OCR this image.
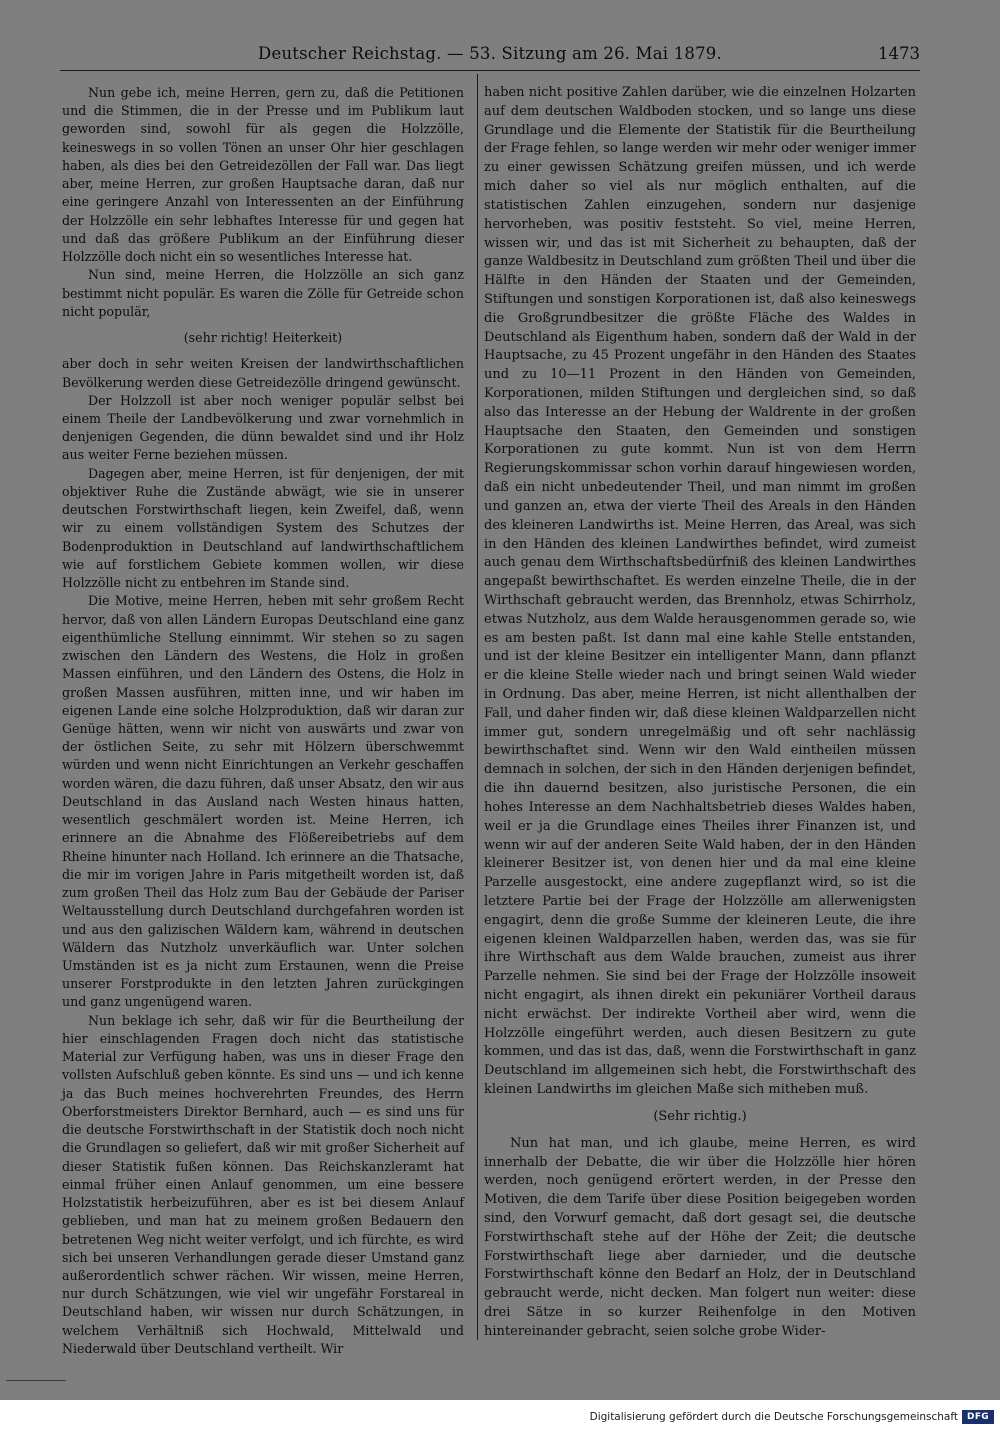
Deutscher Reichstag. — 53. Sitzung am 26. Mai 1879.	1473

Nun gebe ich, meine Herren, gern zu, daß die Petitionen und die Stimmen, die in der Presse und im Publikum laut geworden sind, sowohl für als gegen die Holzzölle, keineswegs in so vollen Tönen an unser Ohr hier geschlagen haben, als dies bei den Getreidezöllen der Fall war. Das liegt aber, meine Herren, zur großen Hauptsache daran, daß nur eine geringere Anzahl von Interessenten an der Einführung der Holzzölle ein sehr lebhaftes Interesse für und gegen hat und daß das größere Publikum an der Einführung dieser Holzzölle doch nicht ein so wesentliches Interesse hat.

Nun sind, meine Herren, die Holzzölle an sich ganz bestimmt nicht populär. Es waren die Zölle für Getreide schon nicht populär,

(sehr richtig! Heiterkeit)

aber doch in sehr weiten Kreisen der landwirthschaftlichen Bevölkerung werden diese Getreidezölle dringend gewünscht.

Der Holzzoll ist aber noch weniger populär selbst bei einem Theile der Landbevölkerung und zwar vornehmlich in denjenigen Gegenden, die dünn bewaldet sind und ihr Holz aus weiter Ferne beziehen müssen.

Dagegen aber, meine Herren, ist für denjenigen, der mit objektiver Ruhe die Zustände abwägt, wie sie in unserer deutschen Forstwirthschaft liegen, kein Zweifel, daß, wenn wir zu einem vollständigen System des Schutzes der Bodenproduktion in Deutschland auf landwirthschaftlichem wie auf forstlichem Gebiete kommen wollen, wir diese Holzzölle nicht zu entbehren im Stande sind.

Die Motive, meine Herren, heben mit sehr großem Recht hervor, daß von allen Ländern Europas Deutschland eine ganz eigenthümliche Stellung einnimmt. Wir stehen so zu sagen zwischen den Ländern des Westens, die Holz in großen Massen einführen, und den Ländern des Ostens, die Holz in großen Massen ausführen, mitten inne, und wir haben im eigenen Lande eine solche Holzproduktion, daß wir daran zur Genüge hätten, wenn wir nicht von auswärts und zwar von der östlichen Seite, zu sehr mit Hölzern überschwemmt würden und wenn nicht Einrichtungen an Verkehr geschaffen worden wären, die dazu führen, daß unser Absatz, den wir aus Deutschland in das Ausland nach Westen hinaus hatten, wesentlich geschmälert worden ist. Meine Herren, ich erinnere an die Abnahme des Flößereibetriebs auf dem Rheine hinunter nach Holland. Ich erinnere an die Thatsache, die mir im vorigen Jahre in Paris mitgetheilt worden ist, daß zum großen Theil das Holz zum Bau der Gebäude der Pariser Weltausstellung durch Deutschland durchgefahren worden ist und aus den galizischen Wäldern kam, während in deutschen Wäldern das Nutzholz unverkäuflich war. Unter solchen Umständen ist es ja nicht zum Erstaunen, wenn die Preise unserer Forstprodukte in den letzten Jahren zurückgingen und ganz ungenügend waren.

Nun beklage ich sehr, daß wir für die Beurtheilung der hier einschlagenden Fragen doch nicht das statistische Material zur Verfügung haben, was uns in dieser Frage den vollsten Aufschluß geben könnte. Es sind uns — und ich kenne ja das Buch meines hochverehrten Freundes, des Herrn Oberforstmeisters Direktor Bernhard, auch — es sind uns für die deutsche Forstwirthschaft in der Statistik doch noch nicht die Grundlagen so geliefert, daß wir mit großer Sicherheit auf dieser Statistik fußen können. Das Reichskanzleramt hat einmal früher einen Anlauf genommen, um eine bessere Holzstatistik herbeizuführen, aber es ist bei diesem Anlauf geblieben, und man hat zu meinem großen Bedauern den betretenen Weg nicht weiter verfolgt, und ich fürchte, es wird sich bei unseren Verhandlungen gerade dieser Umstand ganz außerordentlich schwer rächen. Wir wissen, meine Herren, nur durch Schätzungen, wie viel wir ungefähr Forstareal in Deutschland haben, wir wissen nur durch Schätzungen, in welchem Verhältniß sich Hochwald, Mittelwald und Niederwald über Deutschland vertheilt. Wir

haben nicht positive Zahlen darüber, wie die einzelnen Holzarten auf dem deutschen Waldboden stocken, und so lange uns diese Grundlage und die Elemente der Statistik für die Beurtheilung der Frage fehlen, so lange werden wir mehr oder weniger immer zu einer gewissen Schätzung greifen müssen, und ich werde mich daher so viel als nur möglich enthalten, auf die statistischen Zahlen einzugehen, sondern nur dasjenige hervorheben, was positiv feststeht. So viel, meine Herren, wissen wir, und das ist mit Sicherheit zu behaupten, daß der ganze Waldbesitz in Deutschland zum größten Theil und über die Hälfte in den Händen der Staaten und der Gemeinden, Stiftungen und sonstigen Korporationen ist, daß also keineswegs die Großgrundbesitzer die größte Fläche des Waldes in Deutschland als Eigenthum haben, sondern daß der Wald in der Hauptsache, zu 45 Prozent ungefähr in den Händen des Staates und zu 10—11 Prozent in den Händen von Gemeinden, Korporationen, milden Stiftungen und dergleichen sind, so daß also das Interesse an der Hebung der Waldrente in der großen Hauptsache den Staaten, den Gemeinden und sonstigen Korporationen zu gute kommt. Nun ist von dem Herrn Regierungskommissar schon vorhin darauf hingewiesen worden, daß ein nicht unbedeutender Theil, und man nimmt im großen und ganzen an, etwa der vierte Theil des Areals in den Händen des kleineren Landwirths ist. Meine Herren, das Areal, was sich in den Händen des kleinen Landwirthes befindet, wird zumeist auch genau dem Wirthschaftsbedürfniß des kleinen Landwirthes angepaßt bewirthschaftet. Es werden einzelne Theile, die in der Wirthschaft gebraucht werden, das Brennholz, etwas Schirrholz, etwas Nutzholz, aus dem Walde herausgenommen gerade so, wie es am besten paßt. Ist dann mal eine kahle Stelle entstanden, und ist der kleine Besitzer ein intelligenter Mann, dann pflanzt er die kleine Stelle wieder nach und bringt seinen Wald wieder in Ordnung. Das aber, meine Herren, ist nicht allenthalben der Fall, und daher finden wir, daß diese kleinen Waldparzellen nicht immer gut, sondern unregelmäßig und oft sehr nachlässig bewirthschaftet sind. Wenn wir den Wald eintheilen müssen demnach in solchen, der sich in den Händen derjenigen befindet, die ihn dauernd besitzen, also juristische Personen, die ein hohes Interesse an dem Nachhaltsbetrieb dieses Waldes haben, weil er ja die Grundlage eines Theiles ihrer Finanzen ist, und wenn wir auf der anderen Seite Wald haben, der in den Händen kleinerer Besitzer ist, von denen hier und da mal eine kleine Parzelle ausgestockt, eine andere zugepflanzt wird, so ist die letztere Partie bei der Frage der Holzzölle am allerwenigsten engagirt, denn die große Summe der kleineren Leute, die ihre eigenen kleinen Waldparzellen haben, werden das, was sie für ihre Wirthschaft aus dem Walde brauchen, zumeist aus ihrer Parzelle nehmen. Sie sind bei der Frage der Holzzölle insoweit nicht engagirt, als ihnen direkt ein pekuniärer Vortheil daraus nicht erwächst. Der indirekte Vortheil aber wird, wenn die Holzzölle eingeführt werden, auch diesen Besitzern zu gute kommen, und das ist das, daß, wenn die Forstwirthschaft in ganz Deutschland im allgemeinen sich hebt, die Forstwirthschaft des kleinen Landwirths im gleichen Maße sich mitheben muß.

(Sehr richtig.)

Nun hat man, und ich glaube, meine Herren, es wird innerhalb der Debatte, die wir über die Holzzölle hier hören werden, noch genügend erörtert werden, in der Presse den Motiven, die dem Tarife über diese Position beigegeben worden sind, den Vorwurf gemacht, daß dort gesagt sei, die deutsche Forstwirthschaft stehe auf der Höhe der Zeit; die deutsche Forstwirthschaft liege aber darnieder, und die deutsche Forstwirthschaft könne den Bedarf an Holz, der in Deutschland gebraucht werde, nicht decken. Man folgert nun weiter: diese drei Sätze in so kurzer Reihenfolge in den Motiven hintereinander gebracht, seien solche grobe Wider-

Digitalisierung gefördert durch die Deutsche Forschungsgemeinschaft	DFG
